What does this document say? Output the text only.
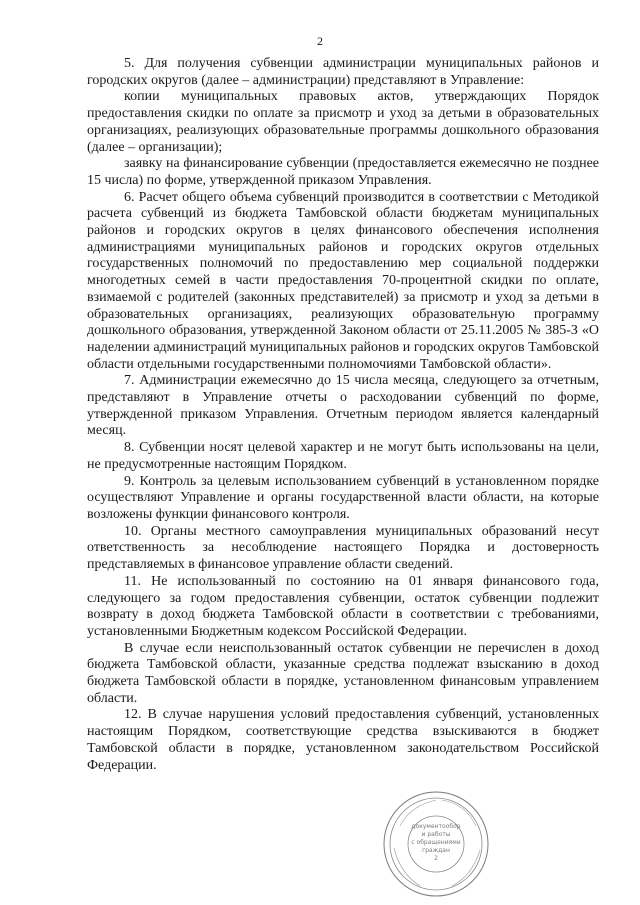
2

5. Для получения субвенции администрации муниципальных районов и городских округов (далее – администрации) представляют в Управление:

копии муниципальных правовых актов, утверждающих Порядок предоставления скидки по оплате за присмотр и уход за детьми в образовательных организациях, реализующих образовательные программы дошкольного образования (далее – организации);

заявку на финансирование субвенции (предоставляется ежемесячно не позднее 15 числа) по форме, утвержденной приказом Управления.

6. Расчет общего объема субвенций производится в соответствии с Методикой расчета субвенций из бюджета Тамбовской области бюджетам муниципальных районов и городских округов в целях финансового обеспечения исполнения администрациями муниципальных районов и городских округов отдельных государственных полномочий по предоставлению мер социальной поддержки многодетных семей в части предоставления 70-процентной скидки по оплате, взимаемой с родителей (законных представителей) за присмотр и уход за детьми в образовательных организациях, реализующих образовательную программу дошкольного образования, утвержденной Законом области от 25.11.2005 № 385-З «О наделении администраций муниципальных районов и городских округов Тамбовской области отдельными государственными полномочиями Тамбовской области».

7. Администрации ежемесячно до 15 числа месяца, следующего за отчетным, представляют в Управление отчеты о расходовании субвенций по форме, утвержденной приказом Управления. Отчетным периодом является календарный месяц.

8. Субвенции носят целевой характер и не могут быть использованы на цели, не предусмотренные настоящим Порядком.

9. Контроль за целевым использованием субвенций в установленном порядке осуществляют Управление и органы государственной власти области, на которые возложены функции финансового контроля.

10. Органы местного самоуправления муниципальных образований несут ответственность за несоблюдение настоящего Порядка и достоверность представляемых в финансовое управление области сведений.

11. Не использованный по состоянию на 01 января финансового года, следующего за годом предоставления субвенции, остаток субвенции подлежит возврату в доход бюджета Тамбовской области в соответствии с требованиями, установленными Бюджетным кодексом Российской Федерации.

В случае если неиспользованный остаток субвенции не перечислен в доход бюджета Тамбовской области, указанные средства подлежат взысканию в доход бюджета Тамбовской области в порядке, установленном финансовым управлением области.

12. В случае нарушения условий предоставления субвенций, установленных настоящим Порядком, соответствующие средства взыскиваются в бюджет Тамбовской области в порядке, установленном законодательством Российской Федерации.

документообор
и работы
с обращениями
граждан
2
